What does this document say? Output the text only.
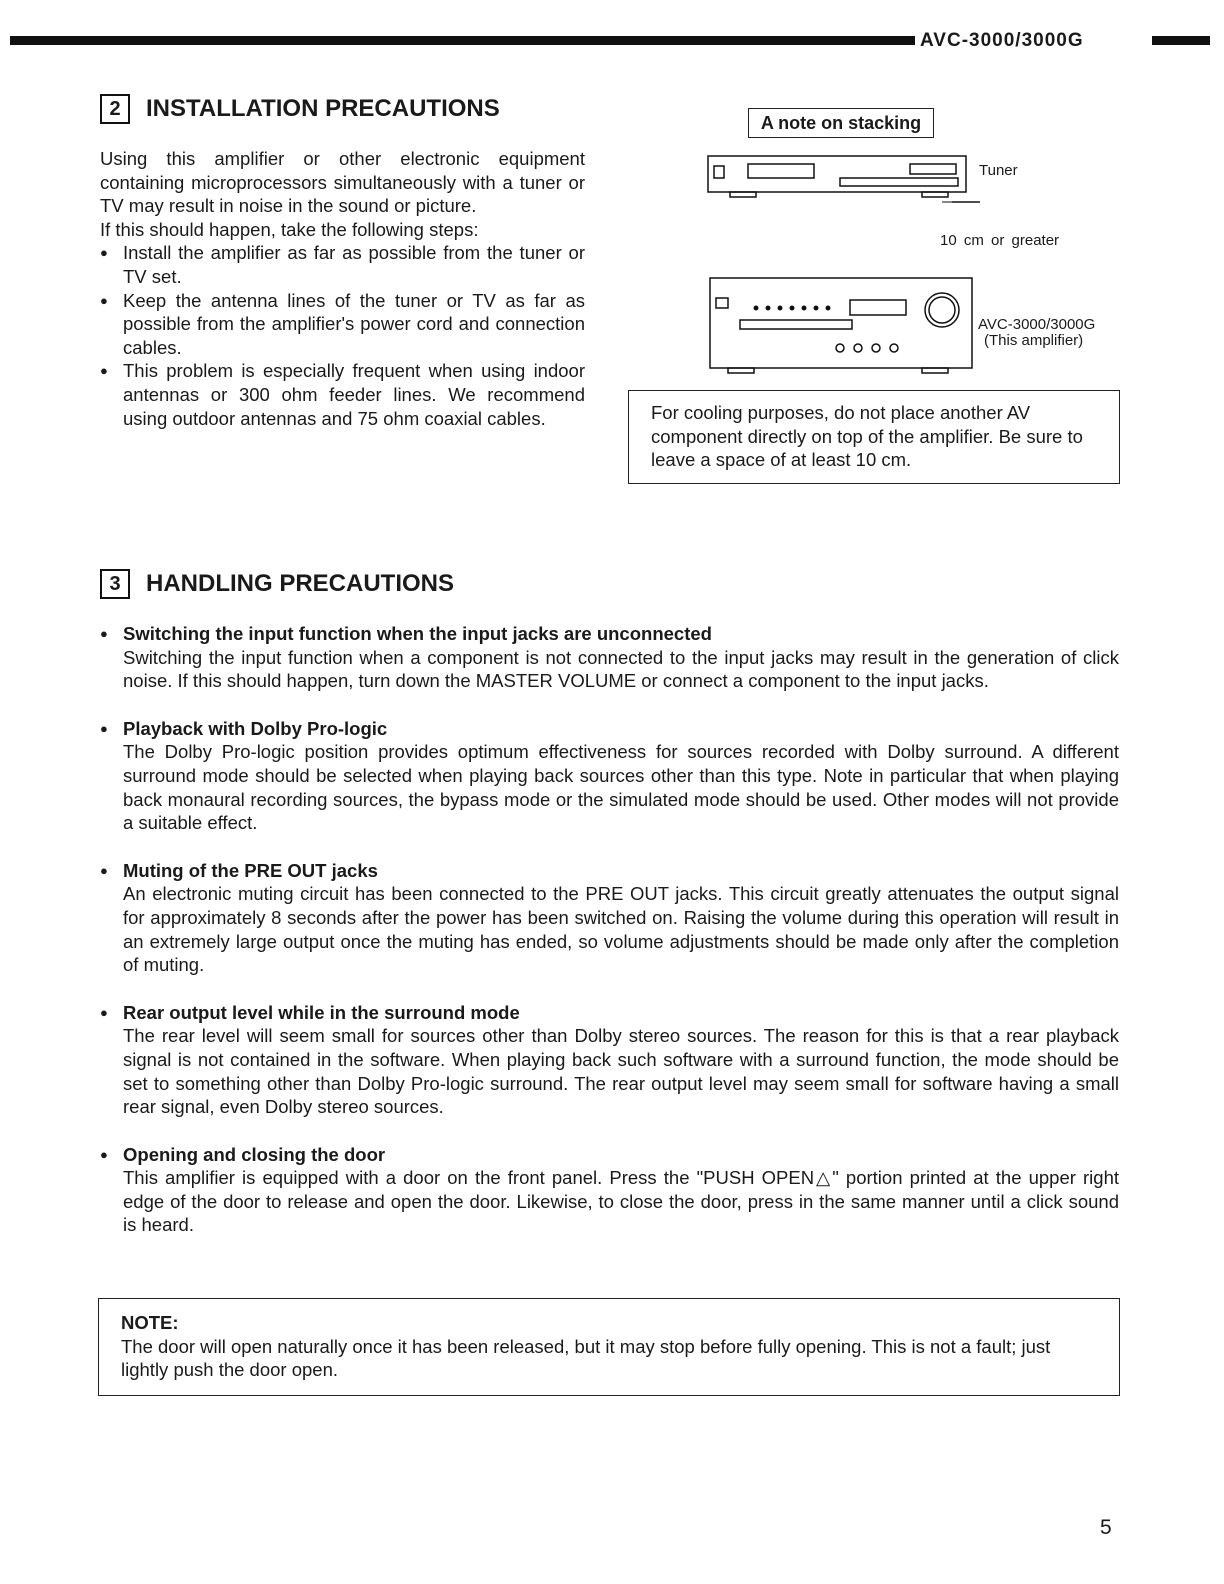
AVC-3000/3000G
2	INSTALLATION PRECAUTIONS
Using this amplifier or other electronic equipment containing microprocessors simultaneously with a tuner or TV may result in noise in the sound or picture.
If this should happen, take the following steps:
● Install the amplifier as far as possible from the tuner or TV set.
● Keep the antenna lines of the tuner or TV as far as possible from the amplifier's power cord and connection cables.
● This problem is especially frequent when using indoor antennas or 300 ohm feeder lines. We recommend using outdoor antennas and 75 ohm coaxial cables.
A note on stacking
Tuner
10 cm or greater
AVC-3000/3000G
(This amplifier)
For cooling purposes, do not place another AV component directly on top of the amplifier. Be sure to leave a space of at least 10 cm.
3	HANDLING PRECAUTIONS
● Switching the input function when the input jacks are unconnected
Switching the input function when a component is not connected to the input jacks may result in the generation of click noise. If this should happen, turn down the MASTER VOLUME or connect a component to the input jacks.
● Playback with Dolby Pro-logic
The Dolby Pro-logic position provides optimum effectiveness for sources recorded with Dolby surround. A different surround mode should be selected when playing back sources other than this type. Note in particular that when playing back monaural recording sources, the bypass mode or the simulated mode should be used. Other modes will not provide a suitable effect.
● Muting of the PRE OUT jacks
An electronic muting circuit has been connected to the PRE OUT jacks. This circuit greatly attenuates the output signal for approximately 8 seconds after the power has been switched on. Raising the volume during this operation will result in an extremely large output once the muting has ended, so volume adjustments should be made only after the completion of muting.
● Rear output level while in the surround mode
The rear level will seem small for sources other than Dolby stereo sources. The reason for this is that a rear playback signal is not contained in the software. When playing back such software with a surround function, the mode should be set to something other than Dolby Pro-logic surround. The rear output level may seem small for software having a small rear signal, even Dolby stereo sources.
● Opening and closing the door
This amplifier is equipped with a door on the front panel. Press the "PUSH OPEN△" portion printed at the upper right edge of the door to release and open the door. Likewise, to close the door, press in the same manner until a click sound is heard.
NOTE:
The door will open naturally once it has been released, but it may stop before fully opening. This is not a fault; just lightly push the door open.
5
